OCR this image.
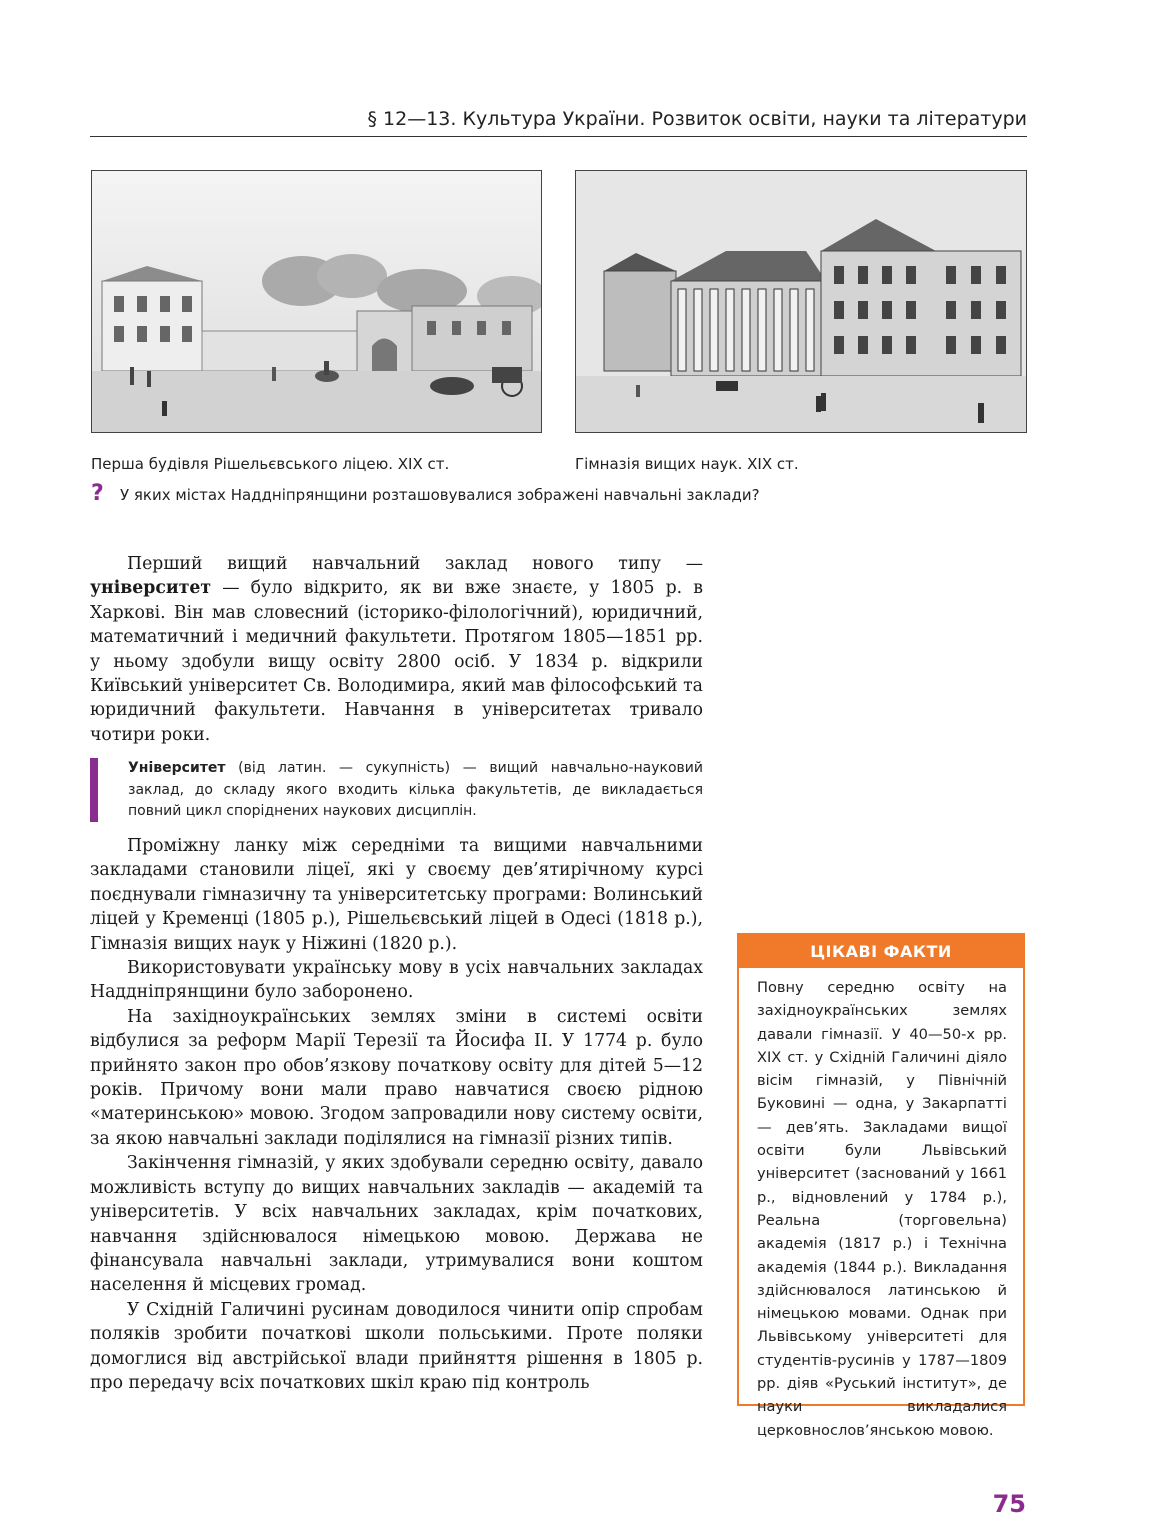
§ 12—13. Культура України. Розвиток освіти, науки та літератури
Перша будівля Рішельєвського ліцею. ХІХ ст.	Гімназія вищих наук. ХІХ ст.
? У яких містах Наддніпрянщини розташовувалися зображені навчальні заклади?

Перший вищий навчальний заклад нового типу — університет — було відкрито, як ви вже знаєте, у 1805 р. в Харкові. Він мав словесний (історико-філологічний), юридичний, математичний і медичний факультети. Протягом 1805—1851 рр. у ньому здобули вищу освіту 2800 осіб. У 1834 р. відкрили Київський університет Св. Володимира, який мав філософський та юридичний факультети. Навчання в університетах тривало чотири роки.

Університет (від латин. — сукупність) — вищий навчально-науковий заклад, до складу якого входить кілька факультетів, де викладається повний цикл споріднених наукових дисциплін.

Проміжну ланку між середніми та вищими навчальними закладами становили ліцеї, які у своєму дев’ятирічному курсі поєднували гімназичну та університетську програми: Волинський ліцей у Кременці (1805 р.), Рішельєвський ліцей в Одесі (1818 р.), Гімназія вищих наук у Ніжині (1820 р.).

Використовувати українську мову в усіх навчальних закладах Наддніпрянщини було заборонено.

На західноукраїнських землях зміни в системі освіти відбулися за реформ Марії Терезії та Йосифа ІІ. У 1774 р. було прийнято закон про обов’язкову початкову освіту для дітей 5—12 років. Причому вони мали право навчатися своєю рідною «материнською» мовою. Згодом запровадили нову систему освіти, за якою навчальні заклади поділялися на гімназії різних типів.

Закінчення гімназій, у яких здобували середню освіту, давало можливість вступу до вищих навчальних закладів — академій та університетів. У всіх навчальних закладах, крім початкових, навчання здійснювалося німецькою мовою. Держава не фінансувала навчальні заклади, утримувалися вони коштом населення й місцевих громад.

У Східній Галичині русинам доводилося чинити опір спробам поляків зробити початкові школи польськими. Проте поляки домоглися від австрійської влади прийняття рішення в 1805 р. про передачу всіх початкових шкіл краю під контроль

ЦІКАВІ ФАКТИ
Повну середню освіту на західноукраїнських землях давали гімназії. У 40—50-х рр. ХІХ ст. у Східній Галичині діяло вісім гімназій, у Північній Буковині — одна, у Закарпатті — дев’ять. Закладами вищої освіти були Львівський університет (заснований у 1661 р., відновлений у 1784 р.), Реальна (торговельна) академія (1817 р.) і Технічна академія (1844 р.). Викладання здійснювалося латинською й німецькою мовами. Однак при Львівському університеті для студентів-русинів у 1787—1809 рр. діяв «Руський інститут», де науки викладалися церковнослов’янською мовою.
75
